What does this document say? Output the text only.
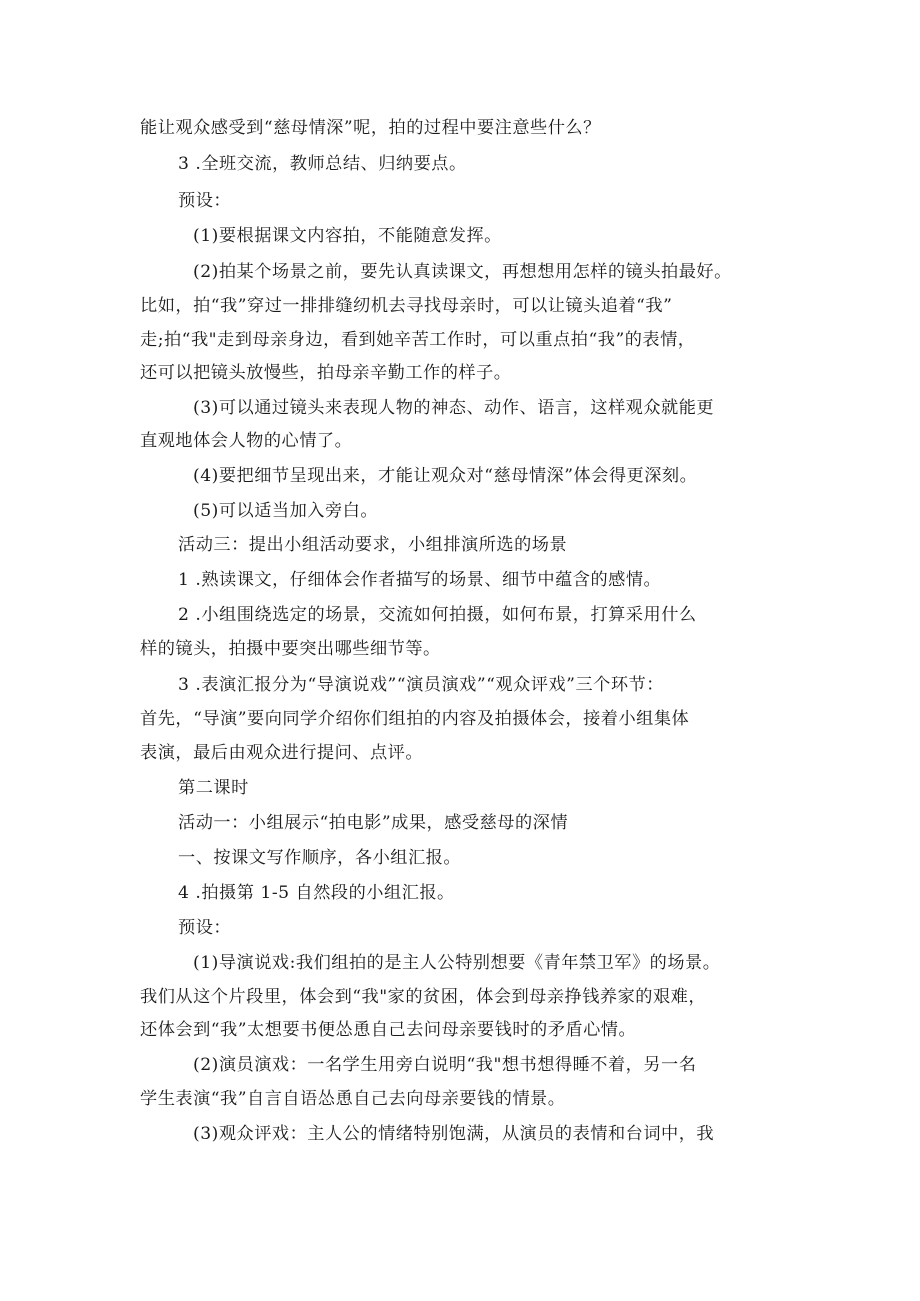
能让观众感受到“慈母情深”呢，拍的过程中要注意些什么？
3 .全班交流，教师总结、归纳要点。
预设：
(1)要根据课文内容拍，不能随意发挥。
(2)拍某个场景之前，要先认真读课文，再想想用怎样的镜头拍最好。
比如，拍“我”穿过一排排缝纫机去寻找母亲时，可以让镜头追着“我”
走;拍“我"走到母亲身边，看到她辛苦工作时，可以重点拍“我”的表情，
还可以把镜头放慢些，拍母亲辛勤工作的样子。
(3)可以通过镜头来表现人物的神态、动作、语言，这样观众就能更
直观地体会人物的心情了。
(4)要把细节呈现出来，才能让观众对“慈母情深”体会得更深刻。
(5)可以适当加入旁白。
活动三：提出小组活动要求，小组排演所选的场景
1 .熟读课文，仔细体会作者描写的场景、细节中蕴含的感情。
2 .小组围绕选定的场景，交流如何拍摄，如何布景，打算采用什么
样的镜头，拍摄中要突出哪些细节等。
3 .表演汇报分为“导演说戏”“演员演戏”“观众评戏”三个环节：
首先，“导演”要向同学介绍你们组拍的内容及拍摄体会，接着小组集体
表演，最后由观众进行提问、点评。
第二课时
活动一：小组展示“拍电影”成果，感受慈母的深情
一、按课文写作顺序，各小组汇报。
4 .拍摄第 1-5 自然段的小组汇报。
预设：
(1)导演说戏:我们组拍的是主人公特别想要《青年禁卫军》的场景。
我们从这个片段里，体会到“我"家的贫困，体会到母亲挣钱养家的艰难，
还体会到“我”太想要书便怂恿自己去问母亲要钱时的矛盾心情。
(2)演员演戏：一名学生用旁白说明“我"想书想得睡不着，另一名
学生表演“我”自言自语怂恿自己去向母亲要钱的情景。
(3)观众评戏：主人公的情绪特别饱满，从演员的表情和台词中，我
